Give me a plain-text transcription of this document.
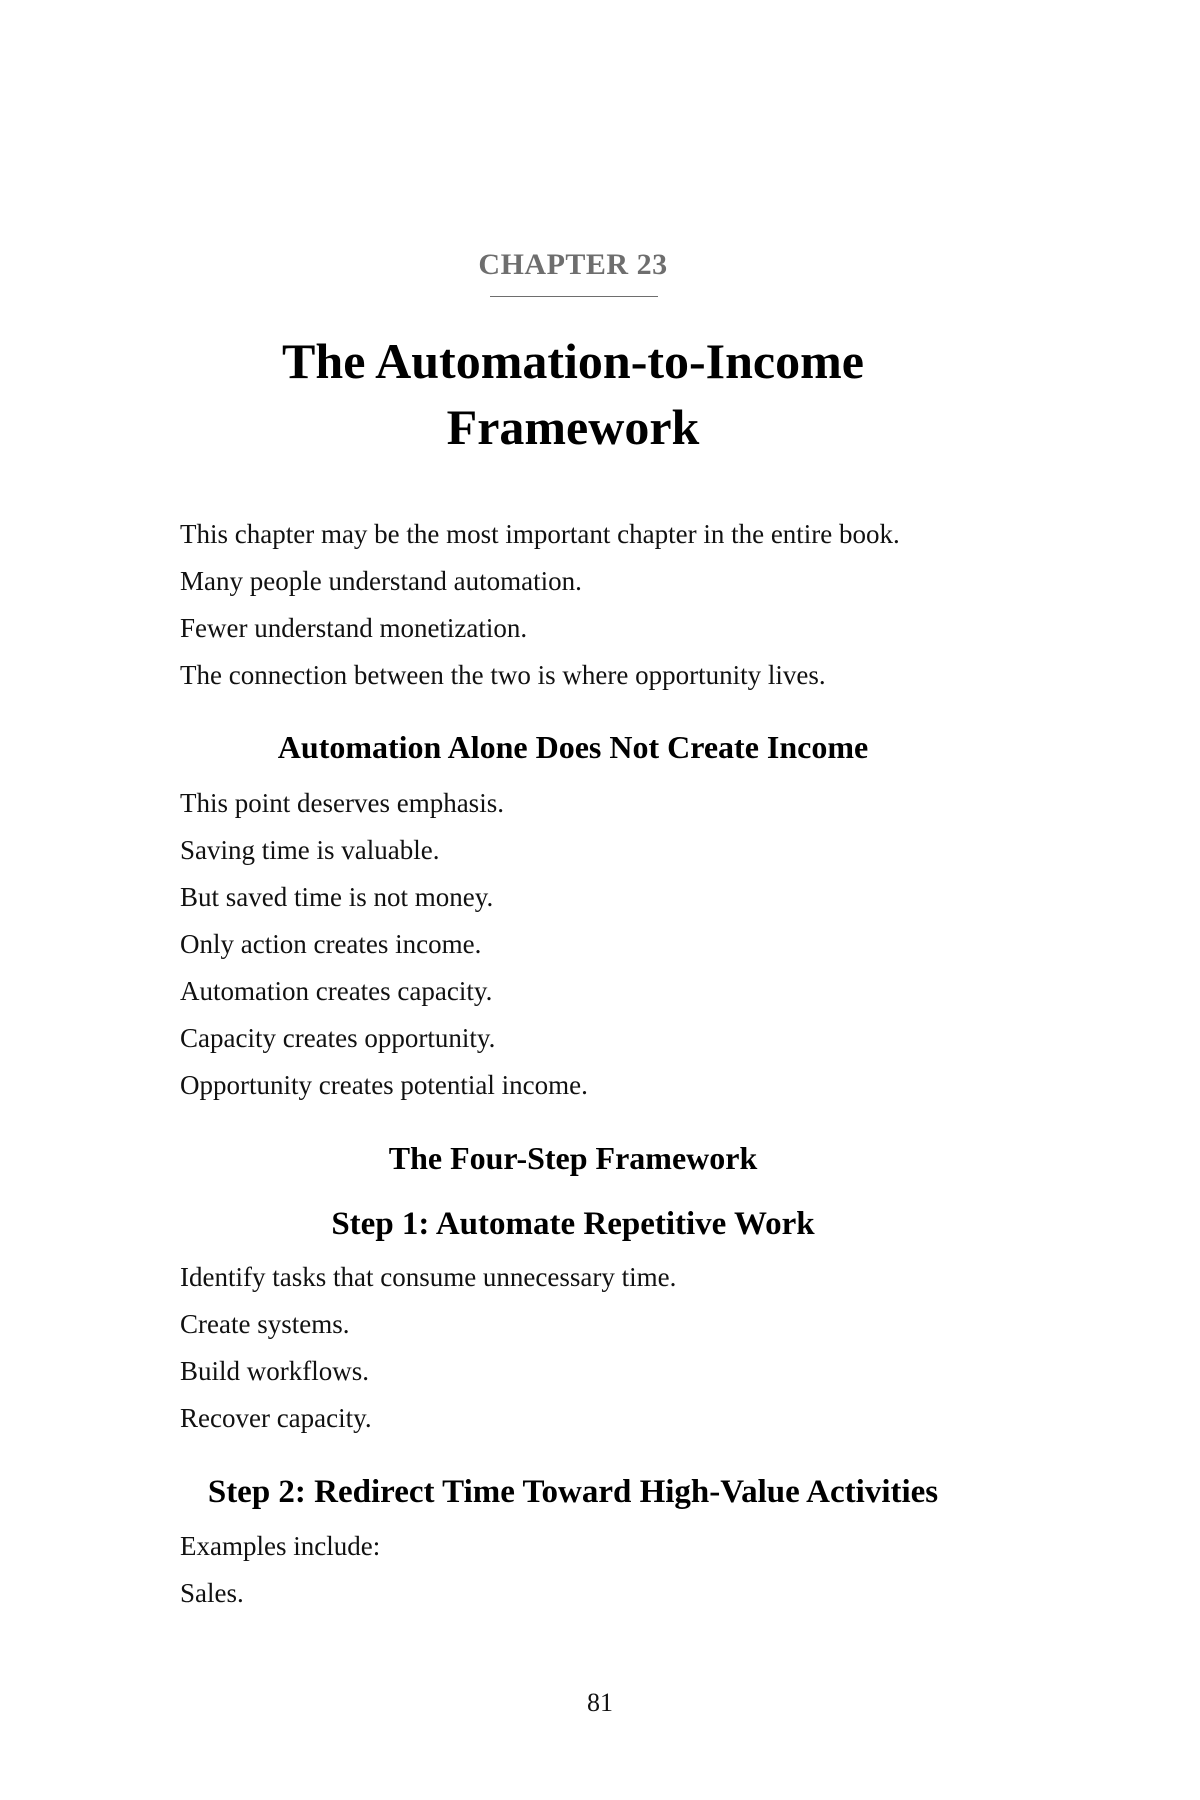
CHAPTER 23
The Automation-to-Income
Framework

This chapter may be the most important chapter in the entire book.

Many people understand automation.

Fewer understand monetization.

The connection between the two is where opportunity lives.

Automation Alone Does Not Create Income

This point deserves emphasis.

Saving time is valuable.

But saved time is not money.

Only action creates income.

Automation creates capacity.

Capacity creates opportunity.

Opportunity creates potential income.

The Four-Step Framework
Step 1: Automate Repetitive Work

Identify tasks that consume unnecessary time.

Create systems.

Build workflows.

Recover capacity.

Step 2: Redirect Time Toward High-Value Activities

Examples include:

Sales.

81
